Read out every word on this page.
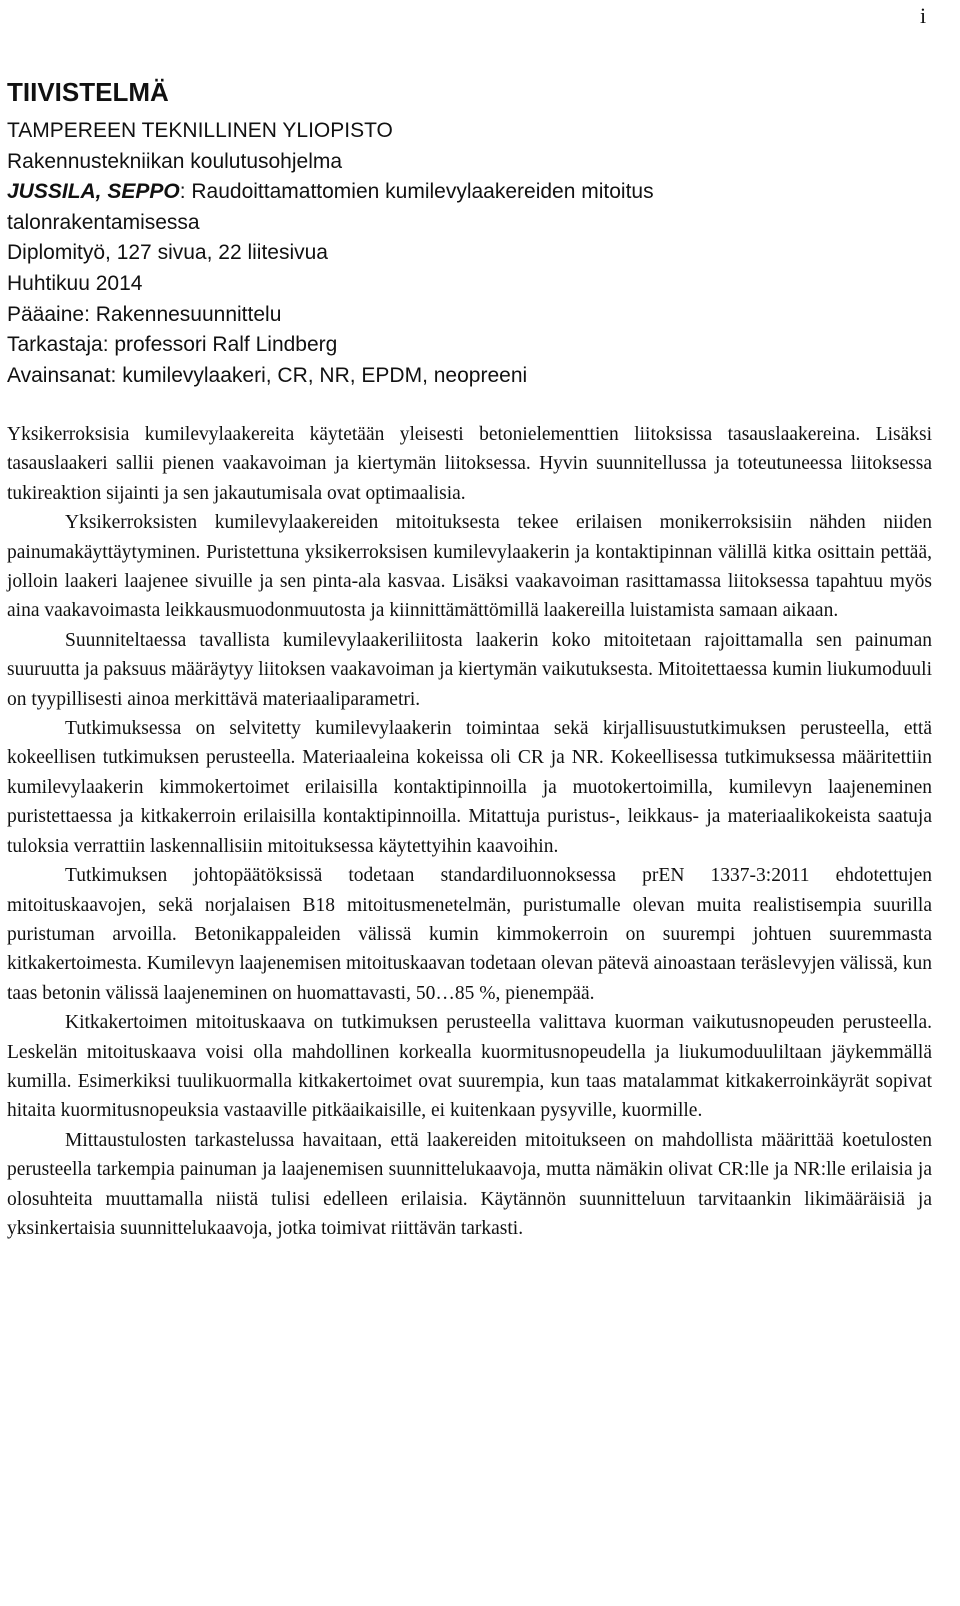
i
TIIVISTELMÄ
TAMPEREEN TEKNILLINEN YLIOPISTO
Rakennustekniikan koulutusohjelma
JUSSILA, SEPPO: Raudoittamattomien kumilevylaakereiden mitoitus
talonrakentamisessa
Diplomityö, 127 sivua, 22 liitesivua
Huhtikuu 2014
Pääaine: Rakennesuunnittelu
Tarkastaja: professori Ralf Lindberg
Avainsanat: kumilevylaakeri, CR, NR, EPDM, neopreeni

Yksikerroksisia kumilevylaakereita käytetään yleisesti betonielementtien liitoksissa tasauslaakereina. Lisäksi tasauslaakeri sallii pienen vaakavoiman ja kiertymän liitoksessa. Hyvin suunnitellussa ja toteutuneessa liitoksessa tukireaktion sijainti ja sen jakautumisala ovat optimaalisia.

Yksikerroksisten kumilevylaakereiden mitoituksesta tekee erilaisen monikerroksisiin nähden niiden painumakäyttäytyminen. Puristettuna yksikerroksisen kumilevylaakerin ja kontaktipinnan välillä kitka osittain pettää, jolloin laakeri laajenee sivuille ja sen pinta-ala kasvaa. Lisäksi vaakavoiman rasittamassa liitoksessa tapahtuu myös aina vaakavoimasta leikkausmuodonmuutosta ja kiinnittämättömillä laakereilla luistamista samaan aikaan.

Suunniteltaessa tavallista kumilevylaakeriliitosta laakerin koko mitoitetaan rajoittamalla sen painuman suuruutta ja paksuus määräytyy liitoksen vaakavoiman ja kiertymän vaikutuksesta. Mitoitettaessa kumin liukumoduuli on tyypillisesti ainoa merkittävä materiaaliparametri.

Tutkimuksessa on selvitetty kumilevylaakerin toimintaa sekä kirjallisuustutkimuksen perusteella, että kokeellisen tutkimuksen perusteella. Materiaaleina kokeissa oli CR ja NR. Kokeellisessa tutkimuksessa määritettiin kumilevylaakerin kimmokertoimet erilaisilla kontaktipinnoilla ja muotokertoimilla, kumilevyn laajeneminen puristettaessa ja kitkakerroin erilaisilla kontaktipinnoilla. Mitattuja puristus-, leikkaus- ja materiaalikokeista saatuja tuloksia verrattiin laskennallisiin mitoituksessa käytettyihin kaavoihin.

Tutkimuksen johtopäätöksissä todetaan standardiluonnoksessa prEN 1337-3:2011 ehdotettujen mitoituskaavojen, sekä norjalaisen B18 mitoitusmenetelmän, puristumalle olevan muita realistisempia suurilla puristuman arvoilla. Betonikappaleiden välissä kumin kimmokerroin on suurempi johtuen suuremmasta kitkakertoimesta. Kumilevyn laajenemisen mitoituskaavan todetaan olevan pätevä ainoastaan teräslevyjen välissä, kun taas betonin välissä laajeneminen on huomattavasti, 50…85 %, pienempää.

Kitkakertoimen mitoituskaava on tutkimuksen perusteella valittava kuorman vaikutusnopeuden perusteella. Leskelän mitoituskaava voisi olla mahdollinen korkealla kuormitusnopeudella ja liukumoduuliltaan jäykemmällä kumilla. Esimerkiksi tuulikuormalla kitkakertoimet ovat suurempia, kun taas matalammat kitkakerroinkäyrät sopivat hitaita kuormitusnopeuksia vastaaville pitkäaikaisille, ei kuitenkaan pysyville, kuormille.

Mittaustulosten tarkastelussa havaitaan, että laakereiden mitoitukseen on mahdollista määrittää koetulosten perusteella tarkempia painuman ja laajenemisen suunnittelukaavoja, mutta nämäkin olivat CR:lle ja NR:lle erilaisia ja olosuhteita muuttamalla niistä tulisi edelleen erilaisia. Käytännön suunnitteluun tarvitaankin likimääräisiä ja yksinkertaisia suunnittelukaavoja, jotka toimivat riittävän tarkasti.
